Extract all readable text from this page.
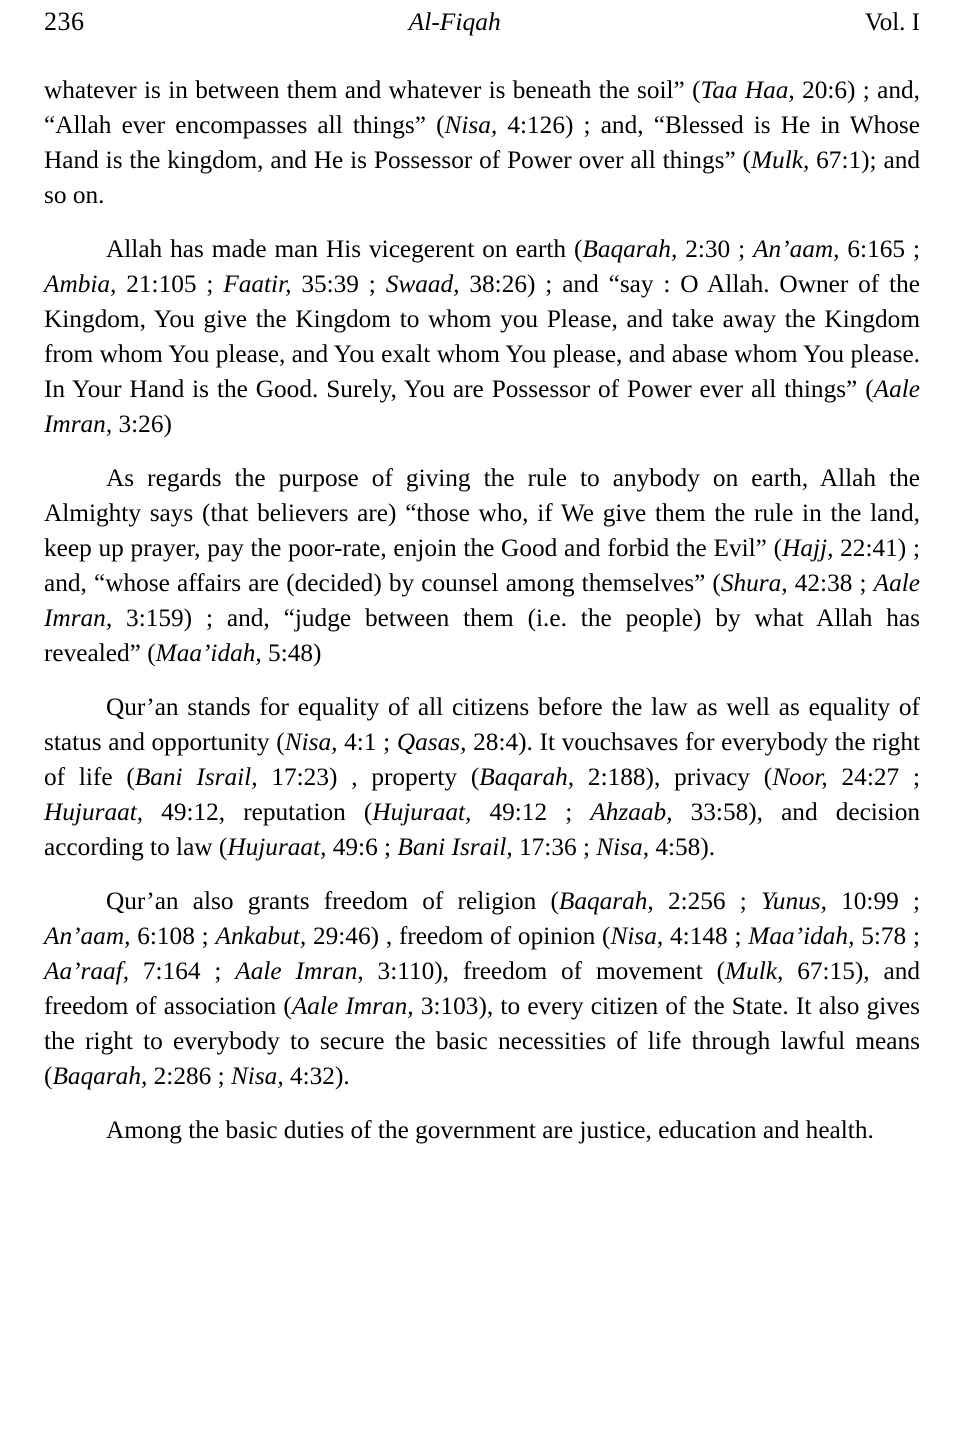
236	Al-Fiqah	Vol. I

whatever is in between them and whatever is beneath the soil” (Taa Haa, 20:6) ; and, “Allah ever encompasses all things” (Nisa, 4:126) ; and, “Blessed is He in Whose Hand is the kingdom, and He is Possessor of Power over all things” (Mulk, 67:1); and so on.

Allah has made man His vicegerent on earth (Baqarah, 2:30 ; An’aam, 6:165 ; Ambia, 21:105 ; Faatir, 35:39 ; Swaad, 38:26) ; and “say : O Allah. Owner of the Kingdom, You give the Kingdom to whom you Please, and take away the Kingdom from whom You please, and You exalt whom You please, and abase whom You please. In Your Hand is the Good. Surely, You are Possessor of Power ever all things” (Aale Imran, 3:26)

As regards the purpose of giving the rule to anybody on earth, Allah the Almighty says (that believers are) “those who, if We give them the rule in the land, keep up prayer, pay the poor-rate, enjoin the Good and forbid the Evil” (Hajj, 22:41) ; and, “whose affairs are (decided) by counsel among themselves” (Shura, 42:38 ; Aale Imran, 3:159) ; and, “judge between them (i.e. the people) by what Allah has revealed” (Maa’idah, 5:48)

Qur’an stands for equality of all citizens before the law as well as equality of status and opportunity (Nisa, 4:1 ; Qasas, 28:4). It vouchsaves for everybody the right of life (Bani Israil, 17:23) , property (Baqarah, 2:188), privacy (Noor, 24:27 ; Hujuraat, 49:12, reputation (Hujuraat, 49:12 ; Ahzaab, 33:58), and decision according to law (Hujuraat, 49:6 ; Bani Israil, 17:36 ; Nisa, 4:58).

Qur’an also grants freedom of religion (Baqarah, 2:256 ; Yunus, 10:99 ; An’aam, 6:108 ; Ankabut, 29:46) , freedom of opinion (Nisa, 4:148 ; Maa’idah, 5:78 ; Aa’raaf, 7:164 ; Aale Imran, 3:110), freedom of movement (Mulk, 67:15), and freedom of association (Aale Imran, 3:103), to every citizen of the State. It also gives the right to everybody to secure the basic necessities of life through lawful means (Baqarah, 2:286 ; Nisa, 4:32).

Among the basic duties of the government are justice, education and health.
